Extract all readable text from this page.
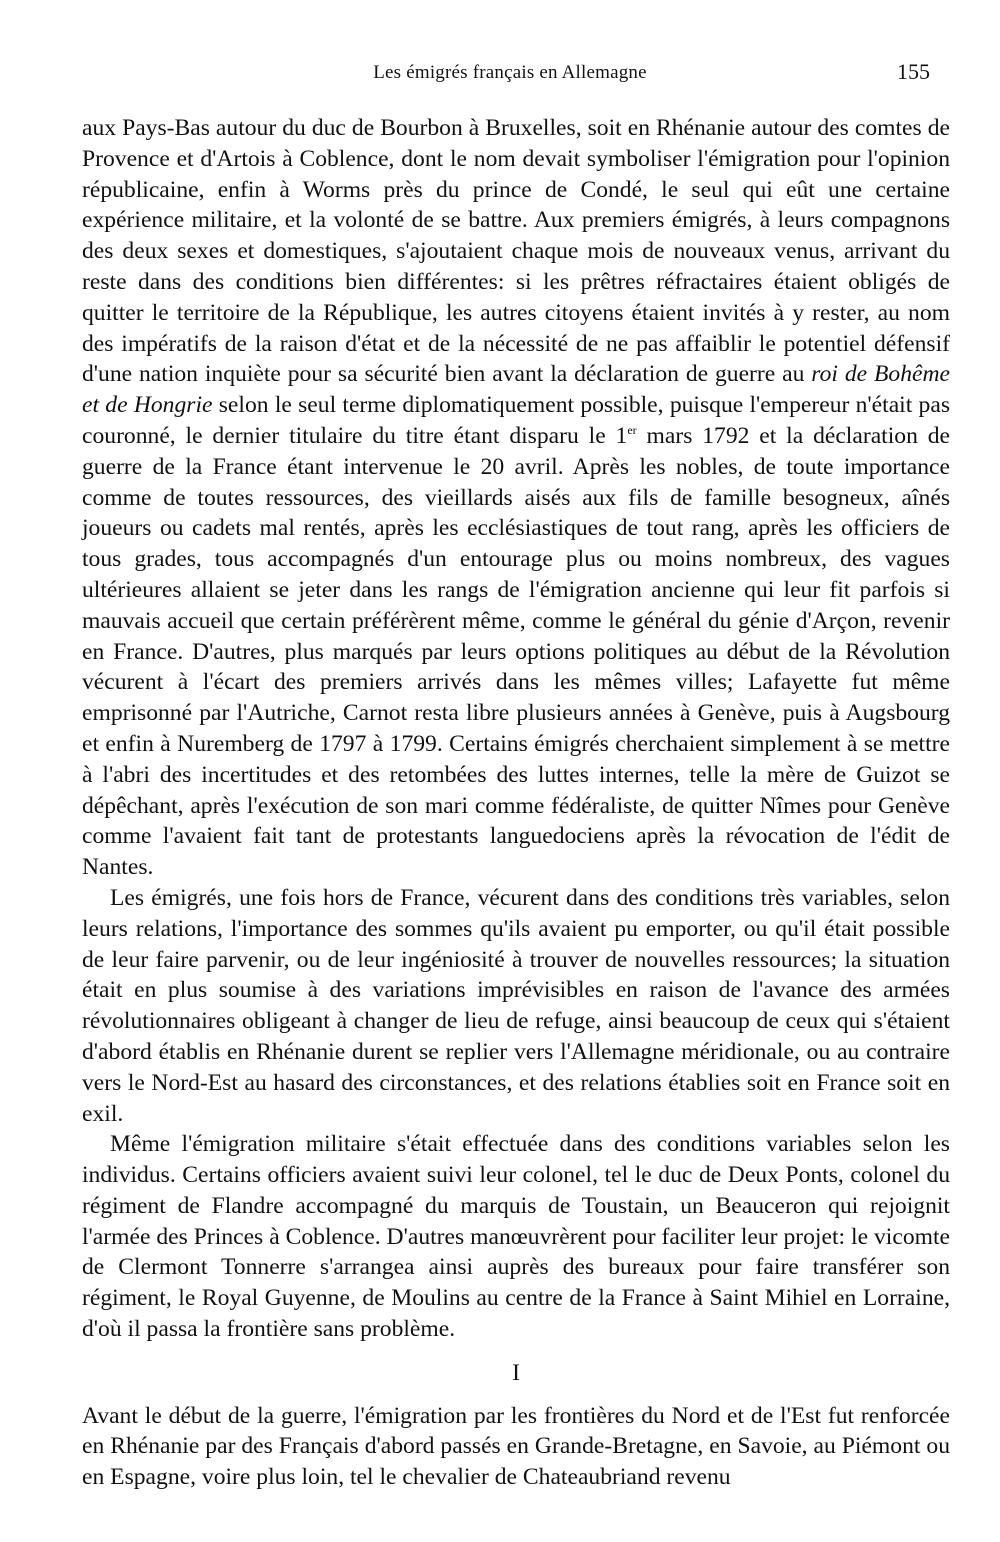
Les émigrés français en Allemagne	155

aux Pays-Bas autour du duc de Bourbon à Bruxelles, soit en Rhénanie autour des comtes de Provence et d'Artois à Coblence, dont le nom devait symboliser l'émigration pour l'opinion républicaine, enfin à Worms près du prince de Condé, le seul qui eût une certaine expérience militaire, et la volonté de se battre. Aux premiers émigrés, à leurs compagnons des deux sexes et domestiques, s'ajoutaient chaque mois de nouveaux venus, arrivant du reste dans des conditions bien différentes: si les prêtres réfractaires étaient obligés de quitter le territoire de la République, les autres citoyens étaient invités à y rester, au nom des impératifs de la raison d'état et de la nécessité de ne pas affaiblir le potentiel défensif d'une nation inquiète pour sa sécurité bien avant la déclaration de guerre au roi de Bohême et de Hongrie selon le seul terme diplomatiquement possible, puisque l'empereur n'était pas couronné, le dernier titulaire du titre étant disparu le 1er mars 1792 et la déclaration de guerre de la France étant intervenue le 20 avril. Après les nobles, de toute importance comme de toutes ressources, des vieillards aisés aux fils de famille besogneux, aînés joueurs ou cadets mal rentés, après les ecclésiastiques de tout rang, après les officiers de tous grades, tous accompagnés d'un entourage plus ou moins nombreux, des vagues ultérieures allaient se jeter dans les rangs de l'émigration ancienne qui leur fit parfois si mauvais accueil que certain préférèrent même, comme le général du génie d'Arçon, revenir en France. D'autres, plus marqués par leurs options politiques au début de la Révolution vécurent à l'écart des premiers arrivés dans les mêmes villes; Lafayette fut même emprisonné par l'Autriche, Carnot resta libre plusieurs années à Genève, puis à Augsbourg et enfin à Nuremberg de 1797 à 1799. Certains émigrés cherchaient simplement à se mettre à l'abri des incertitudes et des retombées des luttes internes, telle la mère de Guizot se dépêchant, après l'exécution de son mari comme fédéraliste, de quitter Nîmes pour Genève comme l'avaient fait tant de protestants languedociens après la révocation de l'édit de Nantes.

Les émigrés, une fois hors de France, vécurent dans des conditions très variables, selon leurs relations, l'importance des sommes qu'ils avaient pu emporter, ou qu'il était possible de leur faire parvenir, ou de leur ingéniosité à trouver de nouvelles ressources; la situation était en plus soumise à des variations imprévisibles en raison de l'avance des armées révolutionnaires obligeant à changer de lieu de refuge, ainsi beaucoup de ceux qui s'étaient d'abord établis en Rhénanie durent se replier vers l'Allemagne méridionale, ou au contraire vers le Nord-Est au hasard des circonstances, et des relations établies soit en France soit en exil.

Même l'émigration militaire s'était effectuée dans des conditions variables selon les individus. Certains officiers avaient suivi leur colonel, tel le duc de Deux Ponts, colonel du régiment de Flandre accompagné du marquis de Toustain, un Beauceron qui rejoignit l'armée des Princes à Coblence. D'autres manœuvrèrent pour faciliter leur projet: le vicomte de Clermont Tonnerre s'arrangea ainsi auprès des bureaux pour faire transférer son régiment, le Royal Guyenne, de Moulins au centre de la France à Saint Mihiel en Lorraine, d'où il passa la frontière sans problème.

I

Avant le début de la guerre, l'émigration par les frontières du Nord et de l'Est fut renforcée en Rhénanie par des Français d'abord passés en Grande-Bretagne, en Savoie, au Piémont ou en Espagne, voire plus loin, tel le chevalier de Chateaubriand revenu
